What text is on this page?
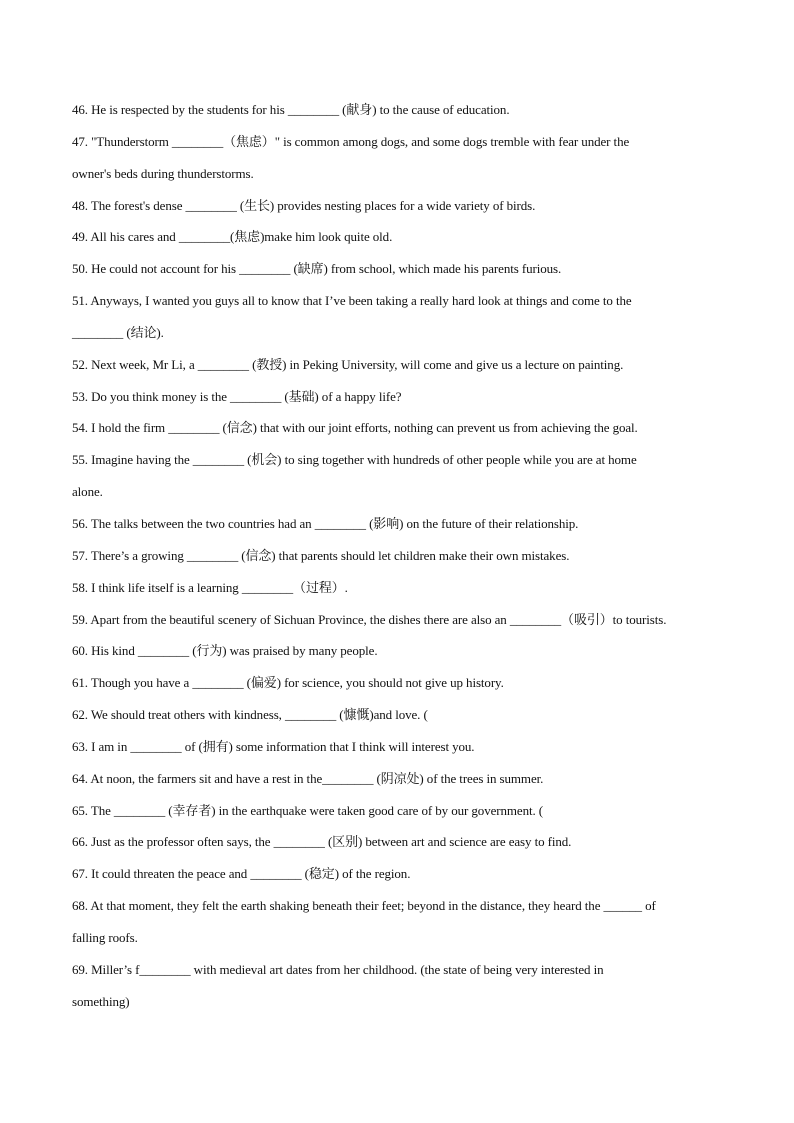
46. He is respected by the students for his ________ (献身) to the cause of education.
47. "Thunderstorm ________（焦虑）" is common among dogs, and some dogs tremble with fear under the
owner's beds during thunderstorms.
48. The forest's dense ________ (生长) provides nesting places for a wide variety of birds.
49. All his cares and ________(焦虑)make him look quite old.
50. He could not account for his ________ (缺席) from school, which made his parents furious.
51. Anyways, I wanted you guys all to know that I’ve been taking a really hard look at things and come to the
________ (结论).
52. Next week, Mr Li, a ________ (教授) in Peking University, will come and give us a lecture on painting.
53. Do you think money is the ________ (基础) of a happy life?
54. I hold the firm ________ (信念) that with our joint efforts, nothing can prevent us from achieving the goal.
55. Imagine having the ________ (机会) to sing together with hundreds of other people while you are at home
alone.
56. The talks between the two countries had an ________ (影响) on the future of their relationship.
57. There’s a growing ________ (信念) that parents should let children make their own mistakes.
58. I think life itself is a learning ________（过程）.
59. Apart from the beautiful scenery of Sichuan Province, the dishes there are also an ________（吸引）to tourists.
60. His kind ________ (行为) was praised by many people.
61. Though you have a ________ (偏爱) for science, you should not give up history.
62. We should treat others with kindness, ________ (慷慨)and love. (
63. I am in ________ of (拥有) some information that I think will interest you.
64. At noon, the farmers sit and have a rest in the________ (阴凉处) of the trees in summer.
65. The ________ (幸存者) in the earthquake were taken good care of by our government. (
66. Just as the professor often says, the ________ (区别) between art and science are easy to find.
67. It could threaten the peace and ________ (稳定) of the region.
68. At that moment, they felt the earth shaking beneath their feet; beyond in the distance, they heard the ______ of
falling roofs.
69. Miller’s f________ with medieval art dates from her childhood. (the state of being very interested in
something)
